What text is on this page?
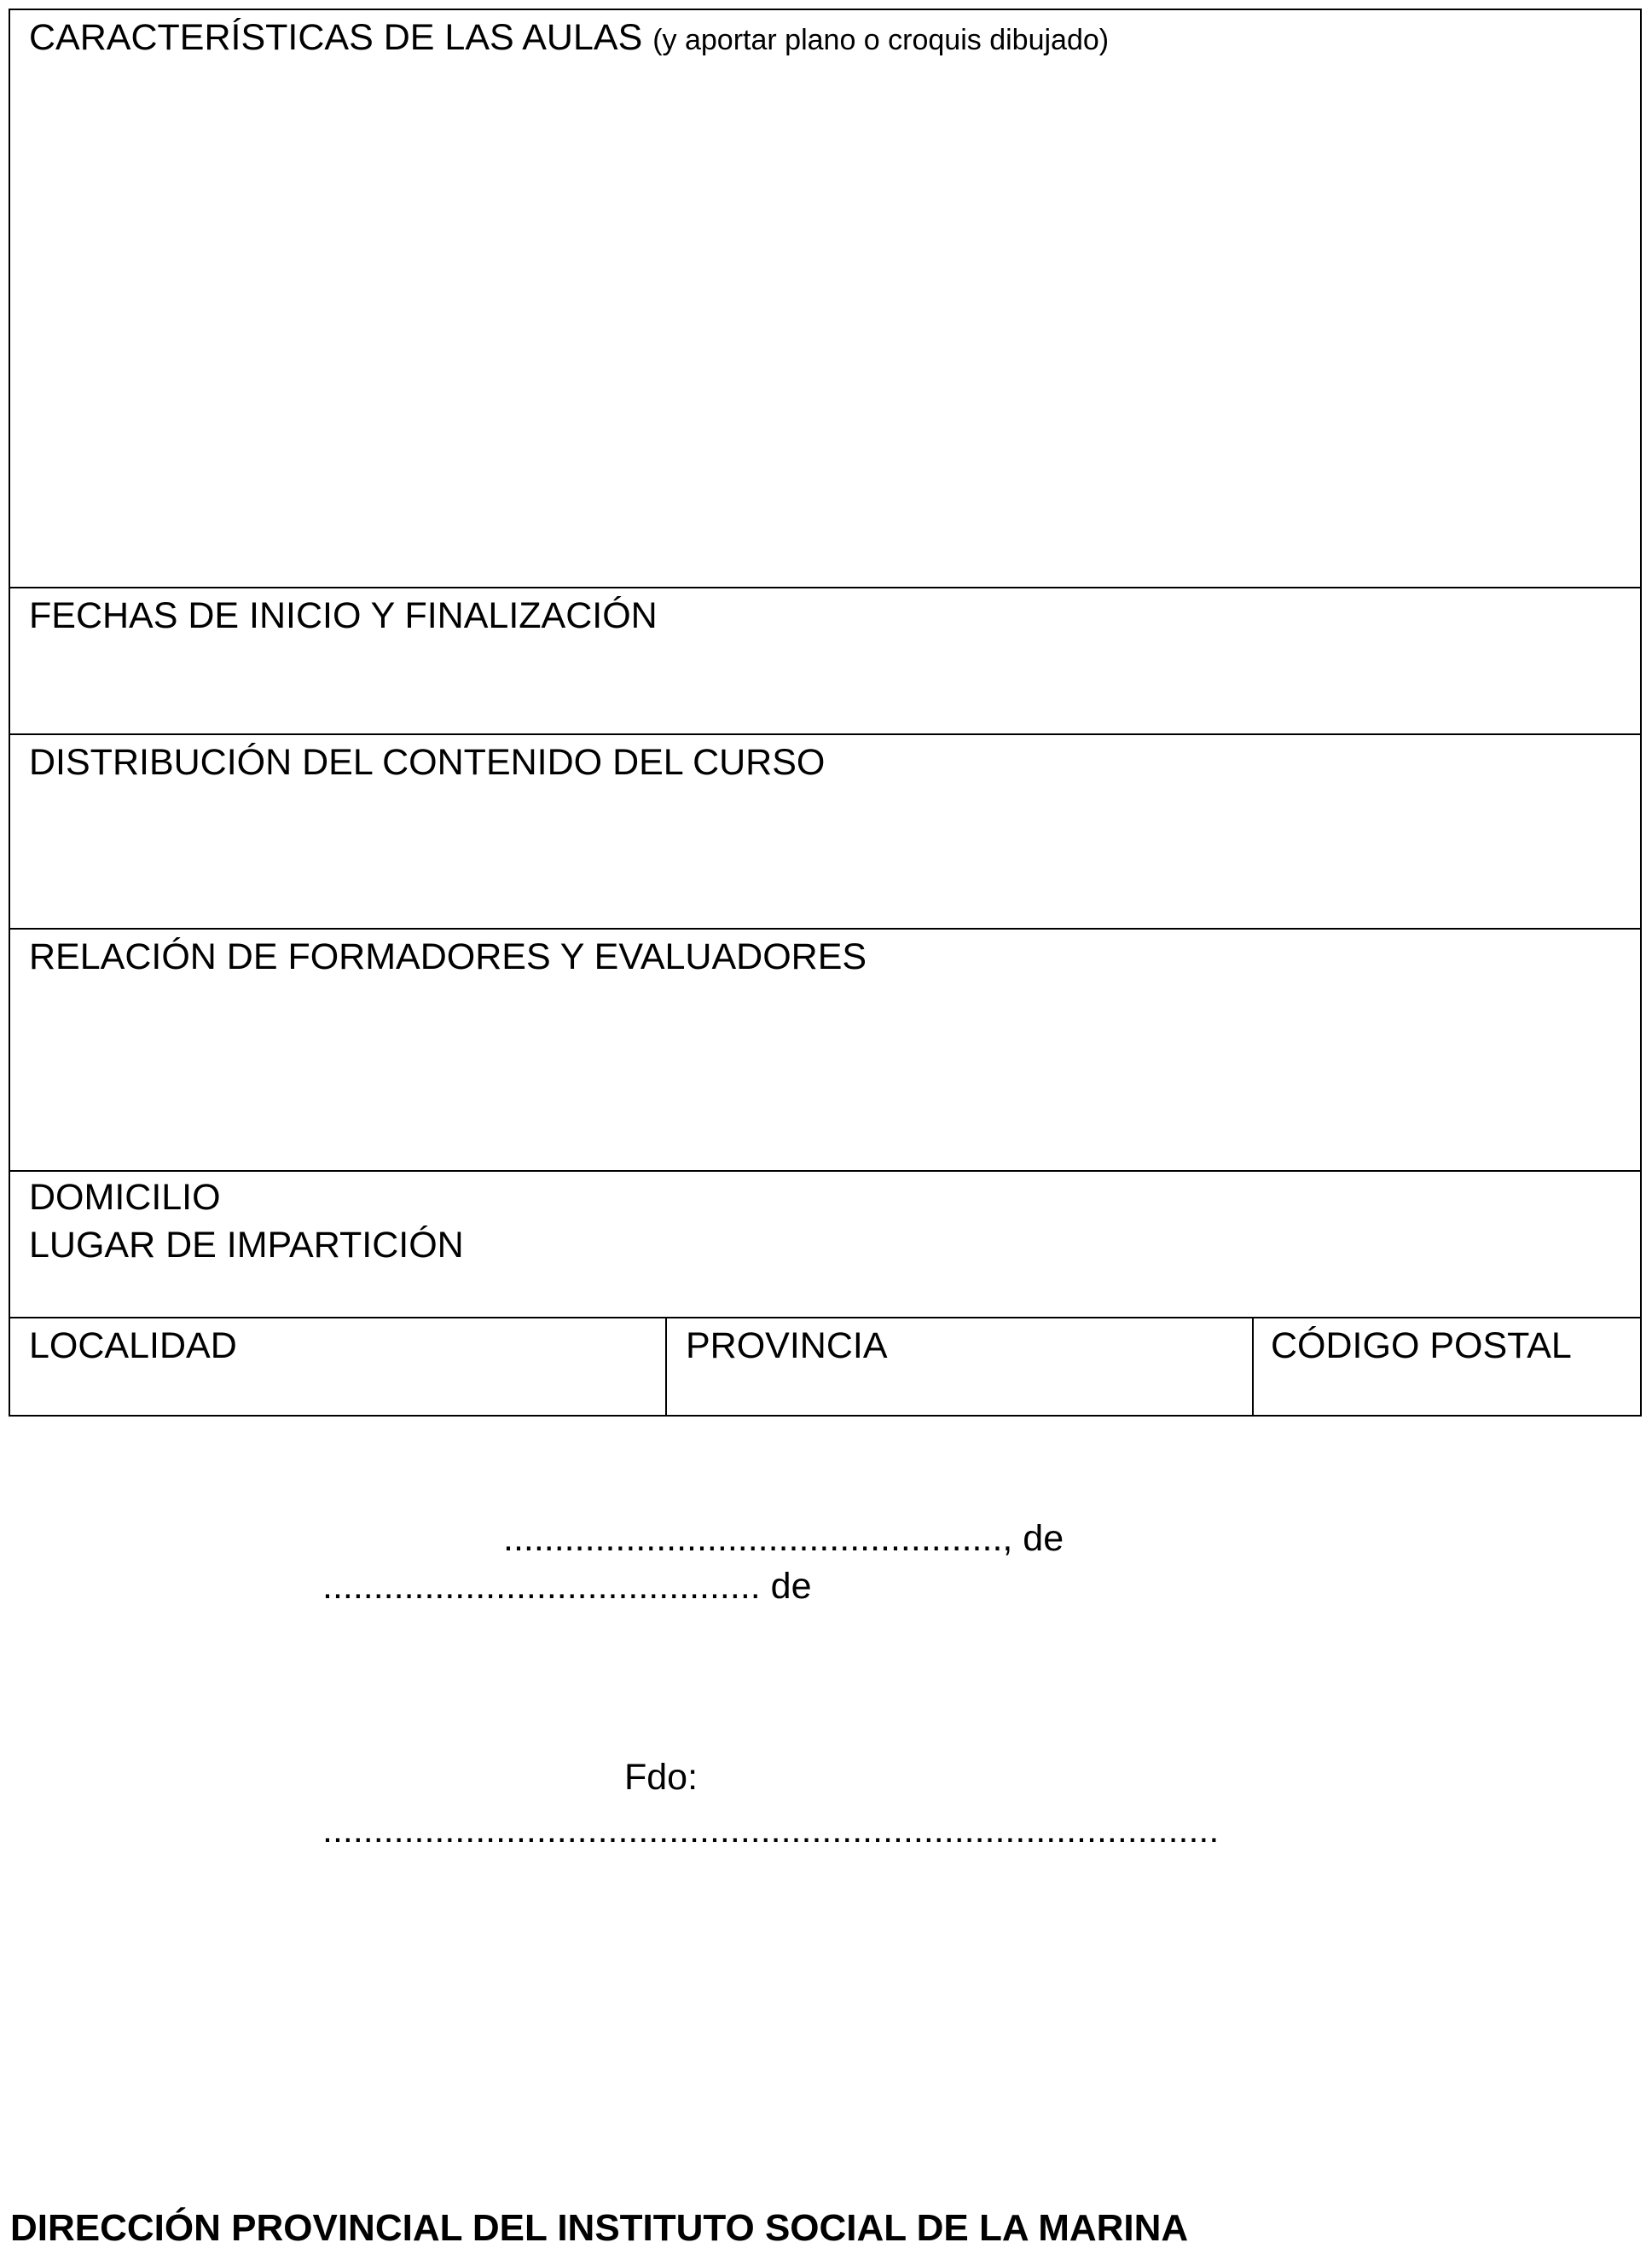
CARACTERÍSTICAS DE LAS AULAS (y aportar plano o croquis dibujado)
FECHAS DE INICIO Y FINALIZACIÓN
DISTRIBUCIÓN DEL CONTENIDO DEL CURSO
RELACIÓN DE FORMADORES Y EVALUADORES
DOMICILIO
LUGAR DE IMPARTICIÓN
LOCALIDAD	PROVINCIA	CÓDIGO POSTAL
................................................., de
........................................... de
Fdo:
........................................................................................
DIRECCIÓN PROVINCIAL DEL INSTITUTO SOCIAL DE LA MARINA
